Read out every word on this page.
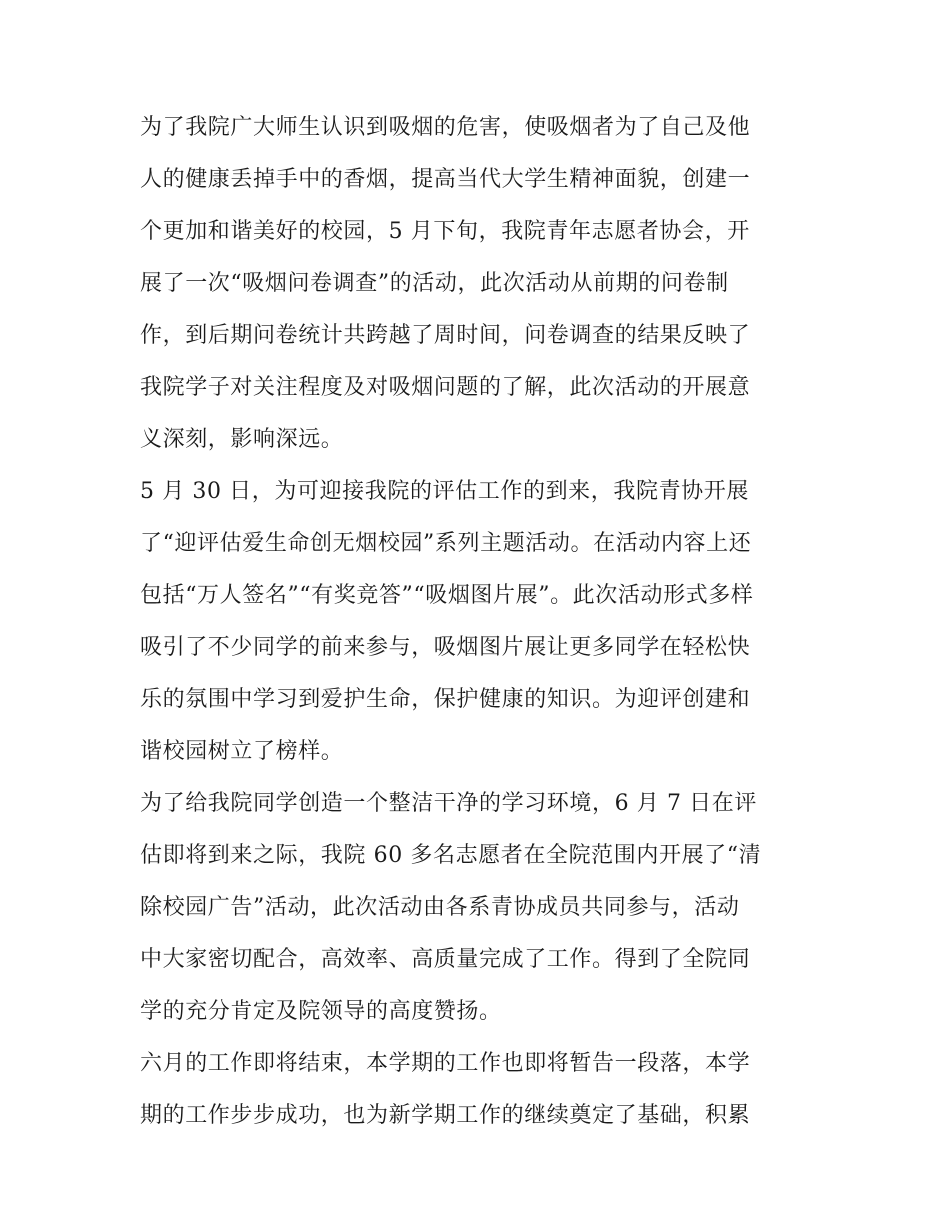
为了我院广大师生认识到吸烟的危害，使吸烟者为了自己及他
人的健康丢掉手中的香烟，提高当代大学生精神面貌，创建一
个更加和谐美好的校园，5 月下旬，我院青年志愿者协会，开
展了一次“吸烟问卷调查”的活动，此次活动从前期的问卷制
作，到后期问卷统计共跨越了周时间，问卷调查的结果反映了
我院学子对关注程度及对吸烟问题的了解，此次活动的开展意
义深刻，影响深远。
5 月 30 日，为可迎接我院的评估工作的到来，我院青协开展
了“迎评估爱生命创无烟校园”系列主题活动。在活动内容上还
包括“万人签名”“有奖竞答”“吸烟图片展”。此次活动形式多样
吸引了不少同学的前来参与，吸烟图片展让更多同学在轻松快
乐的氛围中学习到爱护生命，保护健康的知识。为迎评创建和
谐校园树立了榜样。
为了给我院同学创造一个整洁干净的学习环境，6 月 7 日在评
估即将到来之际，我院 60 多名志愿者在全院范围内开展了“清
除校园广告”活动，此次活动由各系青协成员共同参与，活动
中大家密切配合，高效率、高质量完成了工作。得到了全院同
学的充分肯定及院领导的高度赞扬。
六月的工作即将结束，本学期的工作也即将暂告一段落，本学
期的工作步步成功，也为新学期工作的继续奠定了基础，积累
